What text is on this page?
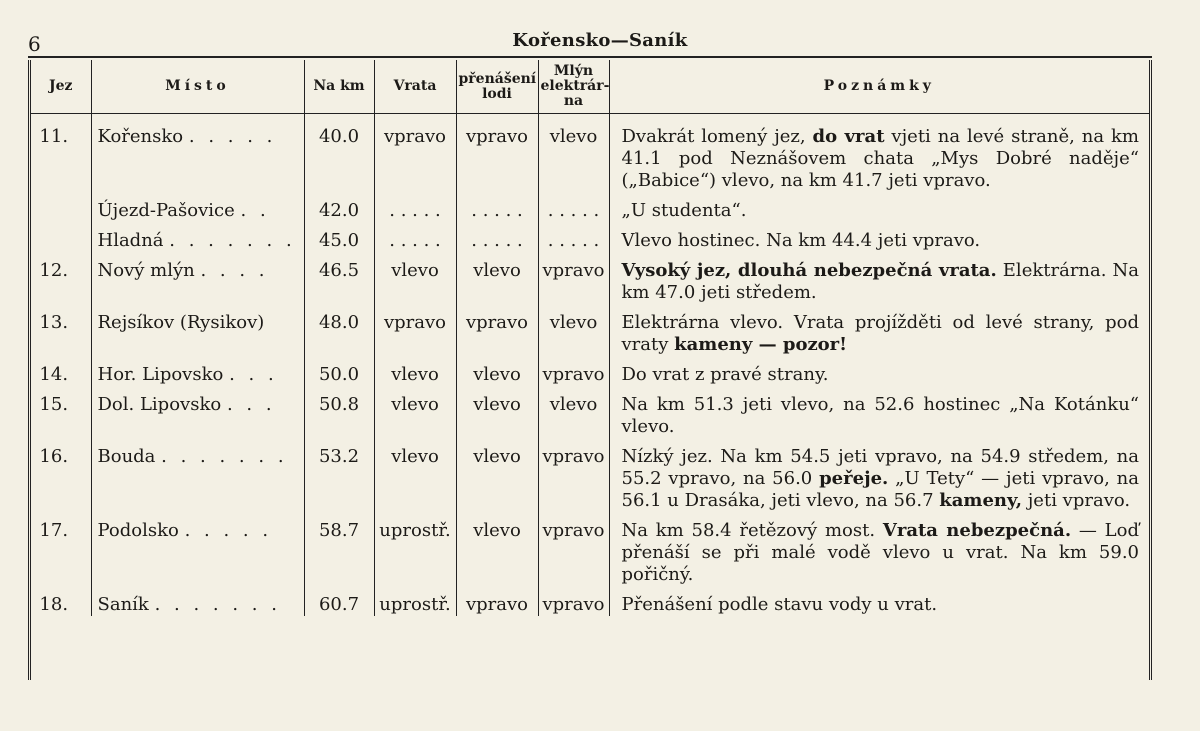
6	Kořensko—Saník
Jez	Místo	Na km	Vrata	přenášení lodi	Mlýn elektrár- na	Poznámky
11.	Kořensko . . . . .	40.0	vpravo	vpravo	vlevo	Dvakrát lomený jez, do vrat vjeti na levé straně, na km 41.1 pod Neznášovem chata „Mys Dobré naděje“ („Babice“) vlevo, na km 41.7 jeti vpravo.
	Újezd-Pašovice . .	42.0	. . . . .	. . . . .	. . . . .	„U studenta“.
	Hladná . . . . . . .	45.0	. . . . .	. . . . .	. . . . .	Vlevo hostinec. Na km 44.4 jeti vpravo.
12.	Nový mlýn . . . .	46.5	vlevo	vlevo	vpravo	Vysoký jez, dlouhá nebezpečná vrata. Elektrárna. Na km 47.0 jeti středem.
13.	Rejsíkov (Rysikov)	48.0	vpravo	vpravo	vlevo	Elektrárna vlevo. Vrata projížděti od levé strany, pod vraty kameny — pozor!
14.	Hor. Lipovsko . . .	50.0	vlevo	vlevo	vpravo	Do vrat z pravé strany.
15.	Dol. Lipovsko . . .	50.8	vlevo	vlevo	vlevo	Na km 51.3 jeti vlevo, na 52.6 hostinec „Na Kotánku“ vlevo.
16.	Bouda . . . . . . .	53.2	vlevo	vlevo	vpravo	Nízký jez. Na km 54.5 jeti vpravo, na 54.9 středem, na 55.2 vpravo, na 56.0 peřeje. „U Tety“ — jeti vpravo, na 56.1 u Drasáka, jeti vlevo, na 56.7 kameny, jeti vpravo.
17.	Podolsko . . . . .	58.7	uprostř.	vlevo	vpravo	Na km 58.4 řetězový most. Vrata nebezpečná. — Loď přenáší se při malé vodě vlevo u vrat. Na km 59.0 pořičný.
18.	Saník . . . . . . .	60.7	uprostř.	vpravo	vpravo	Přenášení podle stavu vody u vrat.
